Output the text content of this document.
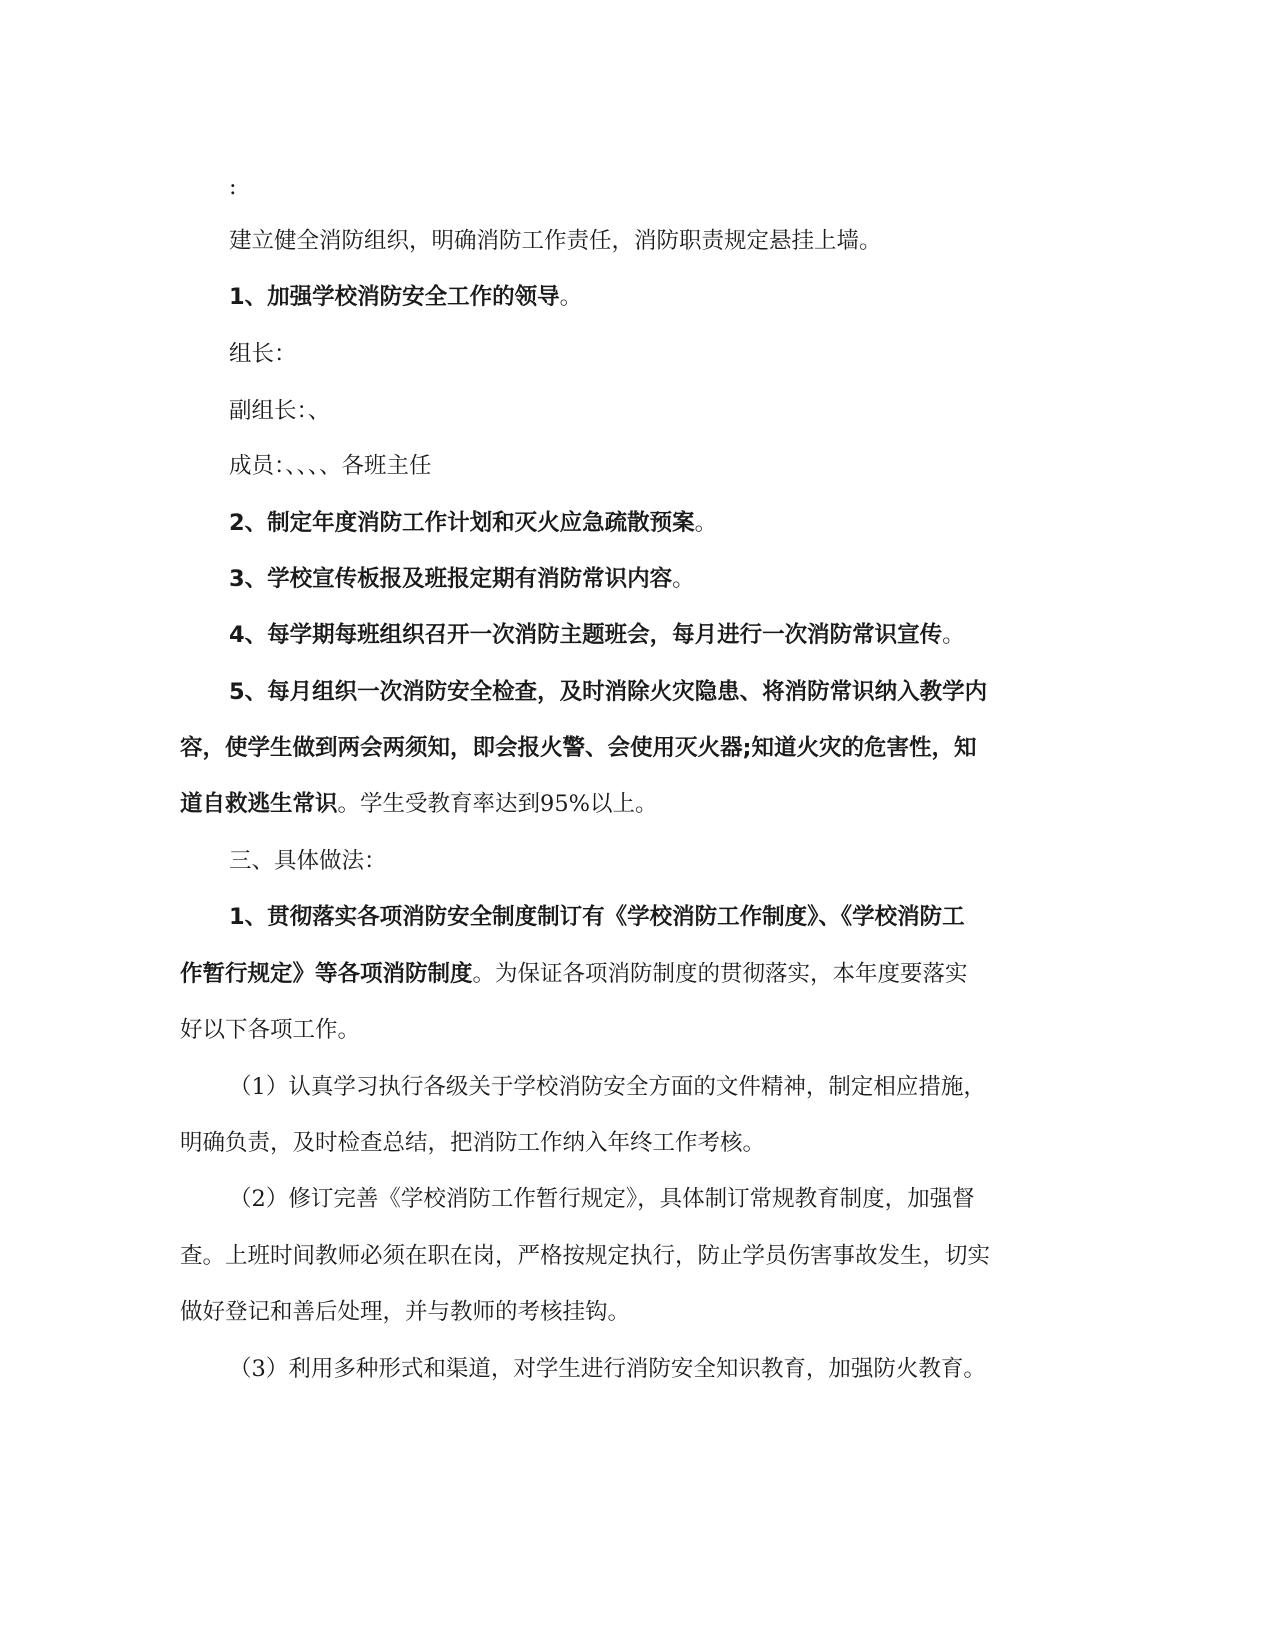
:
建立健全消防组织，明确消防工作责任，消防职责规定悬挂上墙。
1、加强学校消防安全工作的领导。
组长：
副组长：、
成员：、、、、各班主任
2、制定年度消防工作计划和灭火应急疏散预案。
3、学校宣传板报及班报定期有消防常识内容。
4、每学期每班组织召开一次消防主题班会，每月进行一次消防常识宣传。
5、每月组织一次消防安全检查，及时消除火灾隐患、将消防常识纳入教学内
容，使学生做到两会两须知，即会报火警、会使用灭火器;知道火灾的危害性，知
道自救逃生常识。学生受教育率达到95%以上。
三、具体做法：
1、贯彻落实各项消防安全制度制订有《学校消防工作制度》、《学校消防工
作暂行规定》等各项消防制度。为保证各项消防制度的贯彻落实，本年度要落实
好以下各项工作。
（1）认真学习执行各级关于学校消防安全方面的文件精神，制定相应措施，
明确负责，及时检查总结，把消防工作纳入年终工作考核。
（2）修订完善《学校消防工作暂行规定》，具体制订常规教育制度，加强督
查。上班时间教师必须在职在岗，严格按规定执行，防止学员伤害事故发生，切实
做好登记和善后处理，并与教师的考核挂钩。
（3）利用多种形式和渠道，对学生进行消防安全知识教育，加强防火教育。
